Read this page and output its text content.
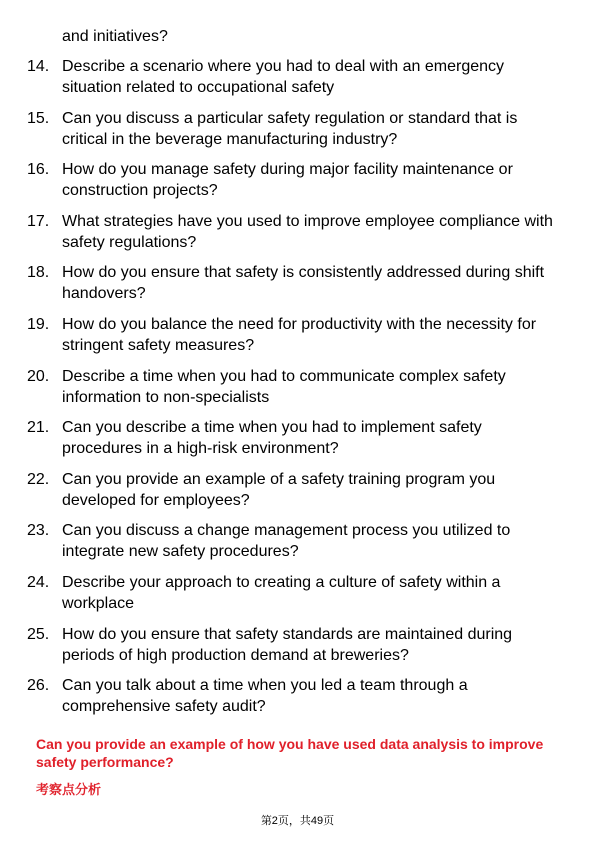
and initiatives?
14. Describe a scenario where you had to deal with an emergency situation related to occupational safety
15. Can you discuss a particular safety regulation or standard that is critical in the beverage manufacturing industry?
16. How do you manage safety during major facility maintenance or construction projects?
17. What strategies have you used to improve employee compliance with safety regulations?
18. How do you ensure that safety is consistently addressed during shift handovers?
19. How do you balance the need for productivity with the necessity for stringent safety measures?
20. Describe a time when you had to communicate complex safety information to non-specialists
21. Can you describe a time when you had to implement safety procedures in a high-risk environment?
22. Can you provide an example of a safety training program you developed for employees?
23. Can you discuss a change management process you utilized to integrate new safety procedures?
24. Describe your approach to creating a culture of safety within a workplace
25. How do you ensure that safety standards are maintained during periods of high production demand at breweries?
26. Can you talk about a time when you led a team through a comprehensive safety audit?
Can you provide an example of how you have used data analysis to improve safety performance?
考察点分析
第2页，共49页
